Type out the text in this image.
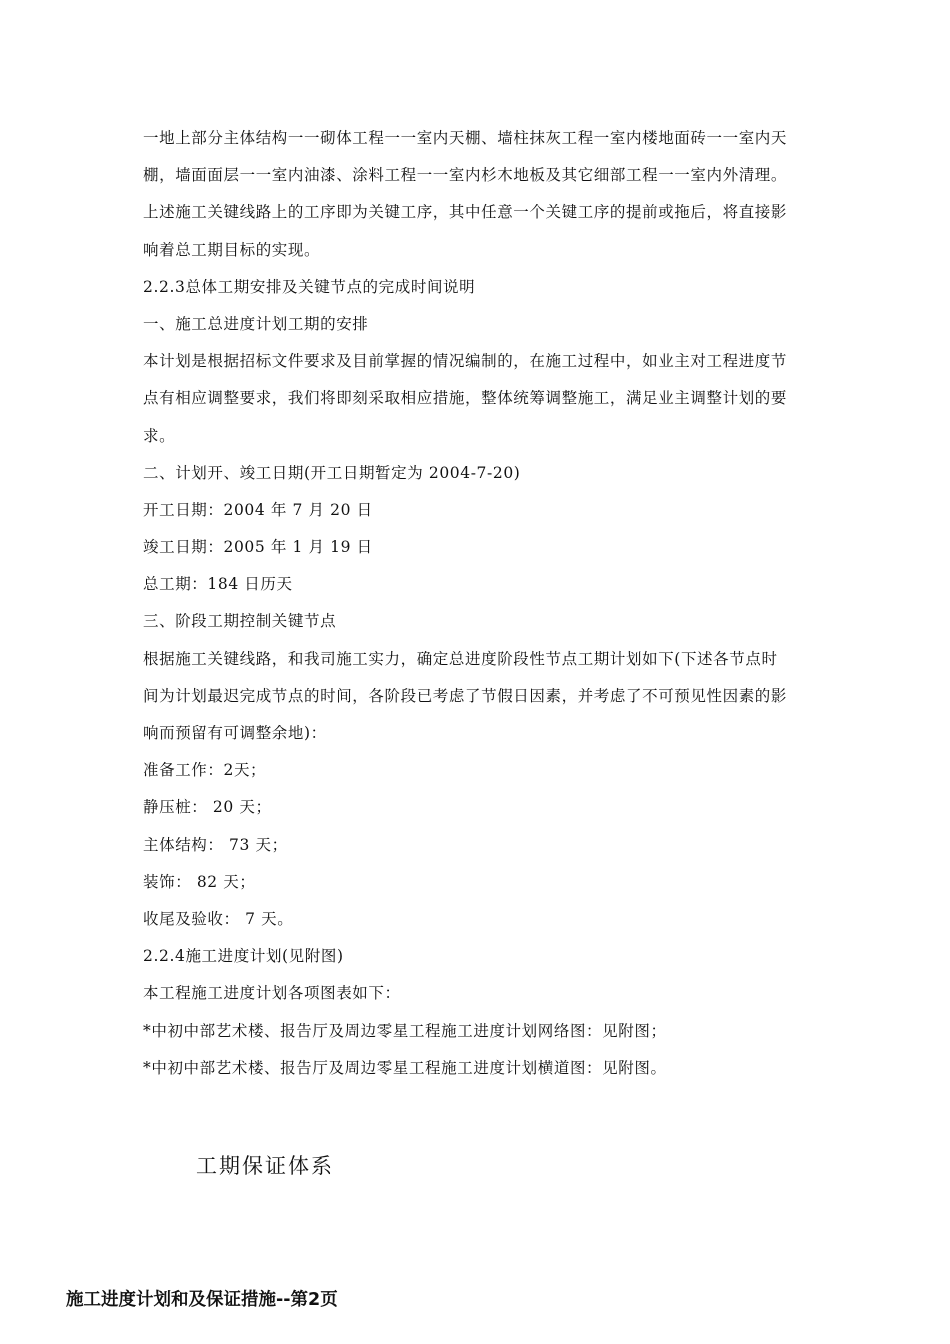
一地上部分主体结构一一砌体工程一一室内天棚、墙柱抹灰工程一室内楼地面砖一一室内天
棚，墙面面层一一室内油漆、涂料工程一一室内杉木地板及其它细部工程一一室内外清理。
上述施工关键线路上的工序即为关键工序，其中任意一个关键工序的提前或拖后，将直接影
响着总工期目标的实现。
2.2.3总体工期安排及关键节点的完成时间说明
一、施工总进度计划工期的安排
本计划是根据招标文件要求及目前掌握的情况编制的，在施工过程中，如业主对工程进度节
点有相应调整要求，我们将即刻采取相应措施，整体统筹调整施工，满足业主调整计划的要
求。
二、计划开、竣工日期(开工日期暂定为 2004-7-20)
开工日期：2004 年 7 月 20 日
竣工日期：2005 年 1 月 19 日
总工期：184 日历天
三、阶段工期控制关键节点
根据施工关键线路，和我司施工实力，确定总进度阶段性节点工期计划如下(下述各节点时
间为计划最迟完成节点的时间，各阶段已考虑了节假日因素，并考虑了不可预见性因素的影
响而预留有可调整余地)：
准备工作：2天；
静压桩： 20 天；
主体结构： 73 天；
装饰： 82 天；
收尾及验收： 7 天。
2.2.4施工进度计划(见附图)
本工程施工进度计划各项图表如下：
*中初中部艺术楼、报告厅及周边零星工程施工进度计划网络图：见附图；
*中初中部艺术楼、报告厅及周边零星工程施工进度计划横道图：见附图。
工期保证体系
施工进度计划和及保证措施--第2页
